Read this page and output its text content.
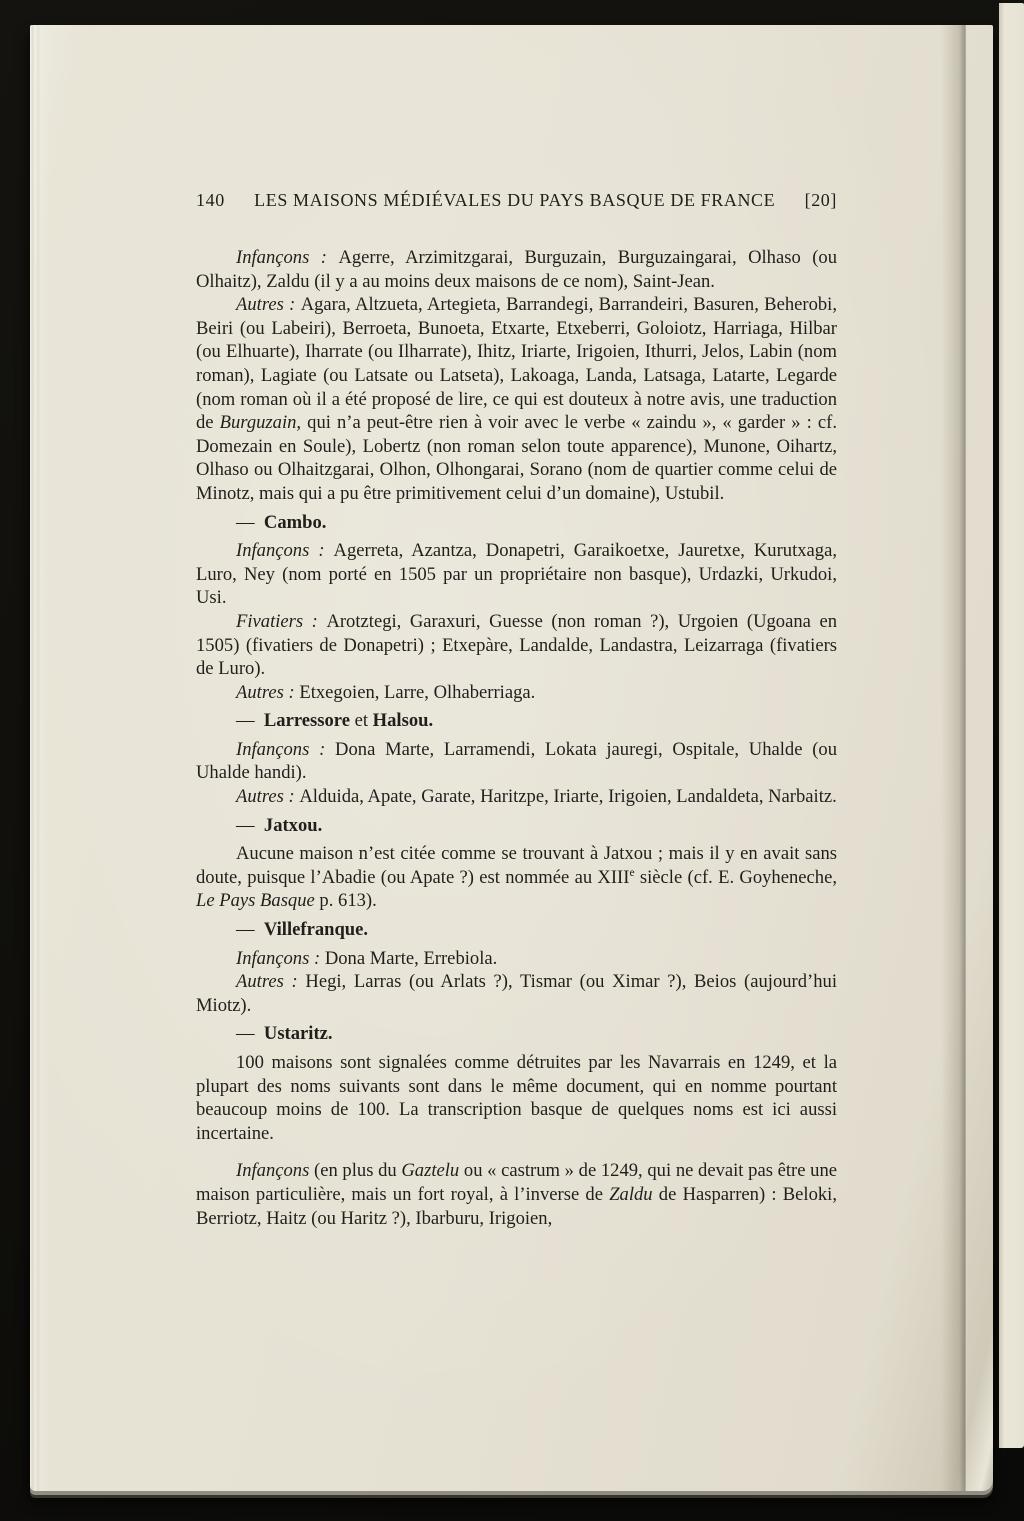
140	LES MAISONS MÉDIÉVALES DU PAYS BASQUE DE FRANCE	[20]

Infançons : Agerre, Arzimitzgarai, Burguzain, Burguzaingarai, Olhaso (ou Olhaitz), Zaldu (il y a au moins deux maisons de ce nom), Saint-Jean.

Autres : Agara, Altzueta, Artegieta, Barrandegi, Barrandeiri, Basuren, Beherobi, Beiri (ou Labeiri), Berroeta, Bunoeta, Etxarte, Etxeberri, Goloiotz, Harriaga, Hilbar (ou Elhuarte), Iharrate (ou Ilharrate), Ihitz, Iriarte, Irigoien, Ithurri, Jelos, Labin (nom roman), Lagiate (ou Latsate ou Latseta), Lakoaga, Landa, Latsaga, Latarte, Legarde (nom roman où il a été proposé de lire, ce qui est douteux à notre avis, une traduction de Burguzain, qui n’a peut-être rien à voir avec le verbe « zaindu », « garder » : cf. Domezain en Soule), Lobertz (non roman selon toute apparence), Munone, Oihartz, Olhaso ou Olhaitzgarai, Olhon, Olhongarai, Sorano (nom de quartier comme celui de Minotz, mais qui a pu être primitivement celui d’un domaine), Ustubil.

— Cambo.

Infançons : Agerreta, Azantza, Donapetri, Garaikoetxe, Jauretxe, Kurutxaga, Luro, Ney (nom porté en 1505 par un propriétaire non basque), Urdazki, Urkudoi, Usi.

Fivatiers : Arotztegi, Garaxuri, Guesse (non roman ?), Urgoien (Ugoana en 1505) (fivatiers de Donapetri) ; Etxepàre, Landalde, Landastra, Leizarraga (fivatiers de Luro).

Autres : Etxegoien, Larre, Olhaberriaga.

— Larressore et Halsou.

Infançons : Dona Marte, Larramendi, Lokata jauregi, Ospitale, Uhalde (ou Uhalde handi).

Autres : Alduida, Apate, Garate, Haritzpe, Iriarte, Irigoien, Landaldeta, Narbaitz.

— Jatxou.

Aucune maison n’est citée comme se trouvant à Jatxou ; mais il y en avait sans doute, puisque l’Abadie (ou Apate ?) est nommée au XIIIe siècle (cf. E. Goyheneche, Le Pays Basque p. 613).

— Villefranque.

Infançons : Dona Marte, Errebiola.

Autres : Hegi, Larras (ou Arlats ?), Tismar (ou Ximar ?), Beios (aujourd’hui Miotz).

— Ustaritz.

100 maisons sont signalées comme détruites par les Navarrais en 1249, et la plupart des noms suivants sont dans le même document, qui en nomme pourtant beaucoup moins de 100. La transcription basque de quelques noms est ici aussi incertaine.

Infançons (en plus du Gaztelu ou « castrum » de 1249, qui ne devait pas être une maison particulière, mais un fort royal, à l’inverse de Zaldu de Hasparren) : Beloki, Berriotz, Haitz (ou Haritz ?), Ibarburu, Irigoien,
